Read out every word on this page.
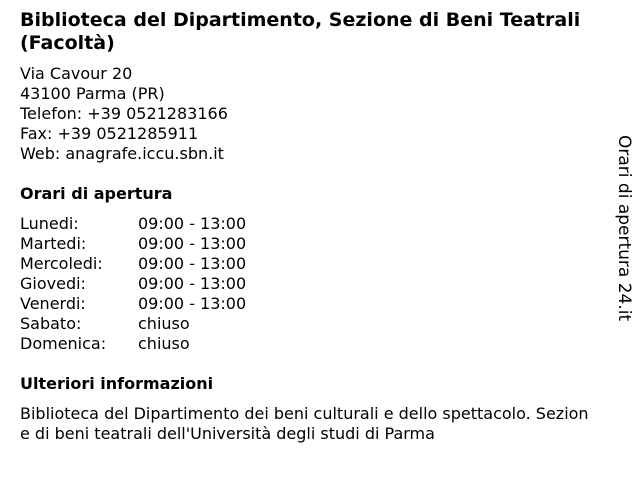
Biblioteca del Dipartimento, Sezione di Beni Teatrali (Facoltà)
Via Cavour 20
43100 Parma (PR)
Telefon: +39 0521283166
Fax: +39 0521285911
Web: anagrafe.iccu.sbn.it
Orari di apertura
Lunedi:	09:00 - 13:00
Martedi:	09:00 - 13:00
Mercoledi:	09:00 - 13:00
Giovedi:	09:00 - 13:00
Venerdi:	09:00 - 13:00
Sabato:	chiuso
Domenica:	chiuso
Ulteriori informazioni
Biblioteca del Dipartimento dei beni culturali e dello spettacolo. Sezione di beni teatrali dell'Università degli studi di Parma
Orari di apertura 24.it
